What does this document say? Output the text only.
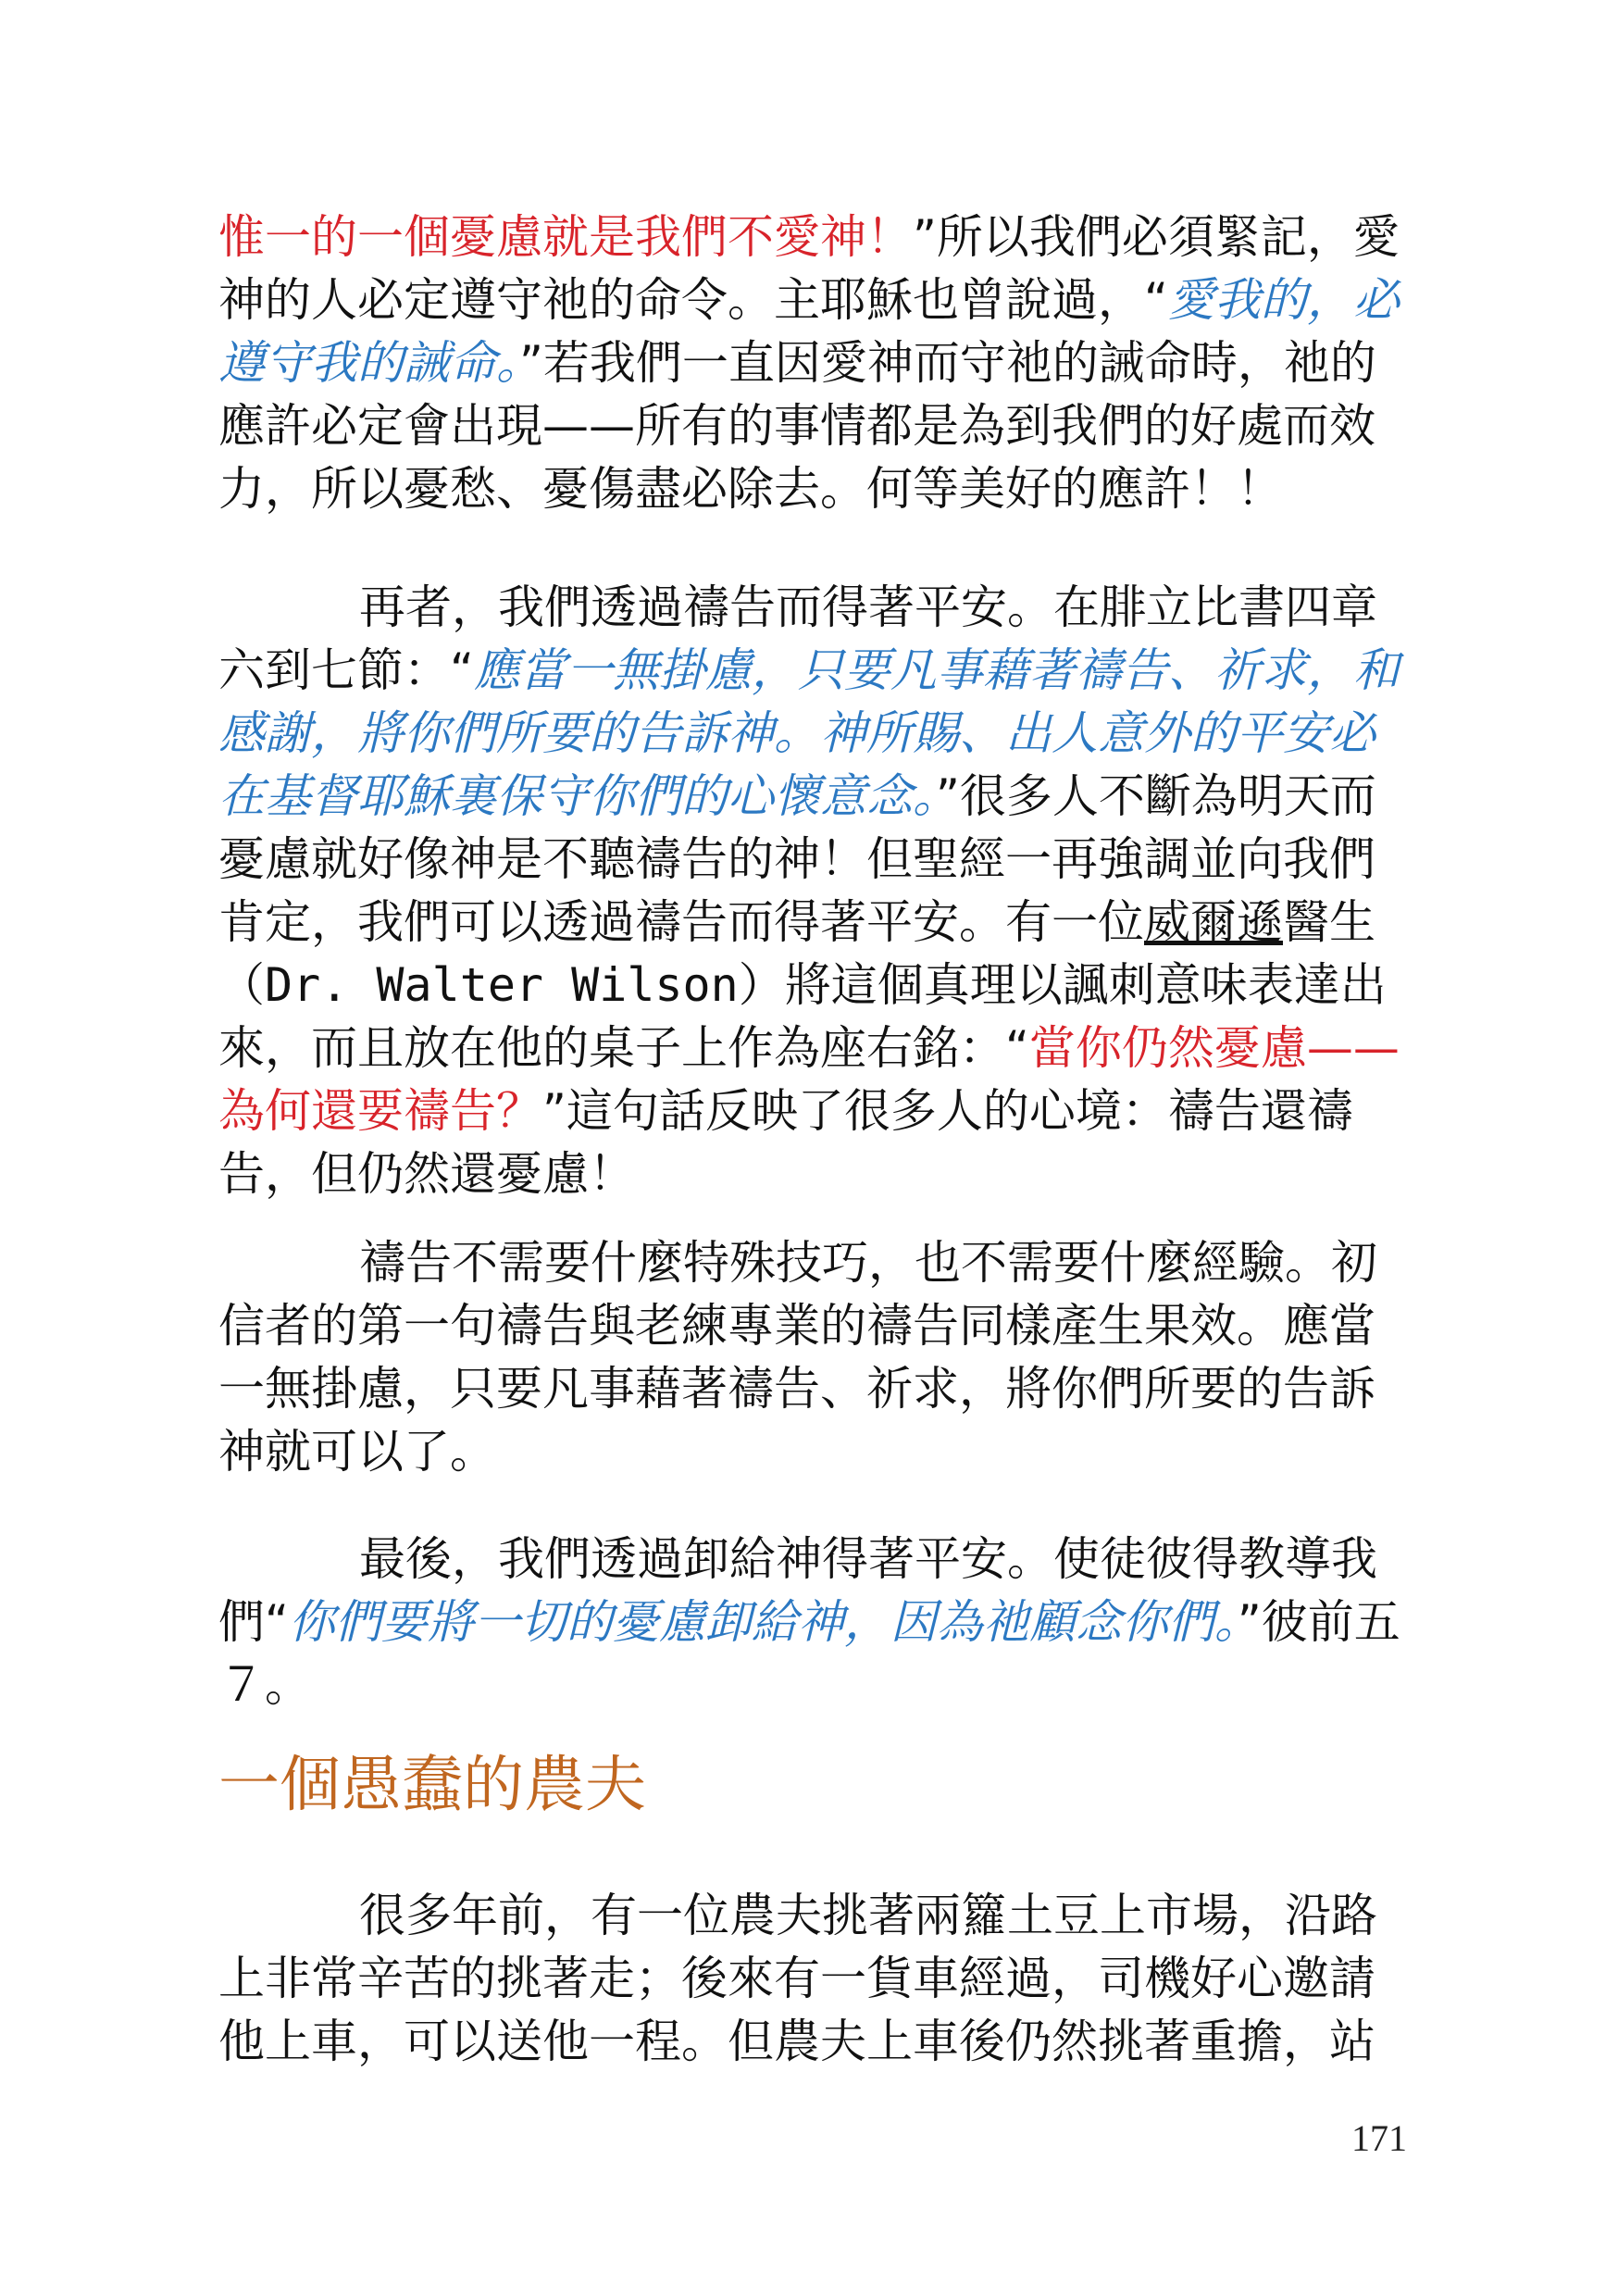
惟一的一個憂慮就是我們不愛神！”所以我們必須緊記，愛神的人必定遵守祂的命令。主耶穌也曾說過，“愛我的，必遵守我的誡命。”若我們一直因愛神而守祂的誡命時，祂的應許必定會出現——所有的事情都是為到我們的好處而效力，所以憂愁、憂傷盡必除去。何等美好的應許！！

再者，我們透過禱告而得著平安。在腓立比書四章六到七節：“應當一無掛慮，只要凡事藉著禱告、祈求，和感謝，將你們所要的告訴神。神所賜、出人意外的平安必在基督耶穌裏保守你們的心懷意念。”很多人不斷為明天而憂慮就好像神是不聽禱告的神！但聖經一再強調並向我們肯定，我們可以透過禱告而得著平安。有一位威爾遜醫生（Dr. Walter Wilson）將這個真理以諷刺意味表達出來，而且放在他的桌子上作為座右銘：“當你仍然憂慮——為何還要禱告？”這句話反映了很多人的心境：禱告還禱告，但仍然還憂慮！

禱告不需要什麼特殊技巧，也不需要什麼經驗。初信者的第一句禱告與老練專業的禱告同樣產生果效。應當一無掛慮，只要凡事藉著禱告、祈求，將你們所要的告訴神就可以了。

最後，我們透過卸給神得著平安。使徒彼得教導我們“你們要將一切的憂慮卸給神，因為祂顧念你們。”彼前五７。

一個愚蠢的農夫

很多年前，有一位農夫挑著兩籮土豆上市場，沿路上非常辛苦的挑著走；後來有一貨車經過，司機好心邀請他上車，可以送他一程。但農夫上車後仍然挑著重擔，站

171
